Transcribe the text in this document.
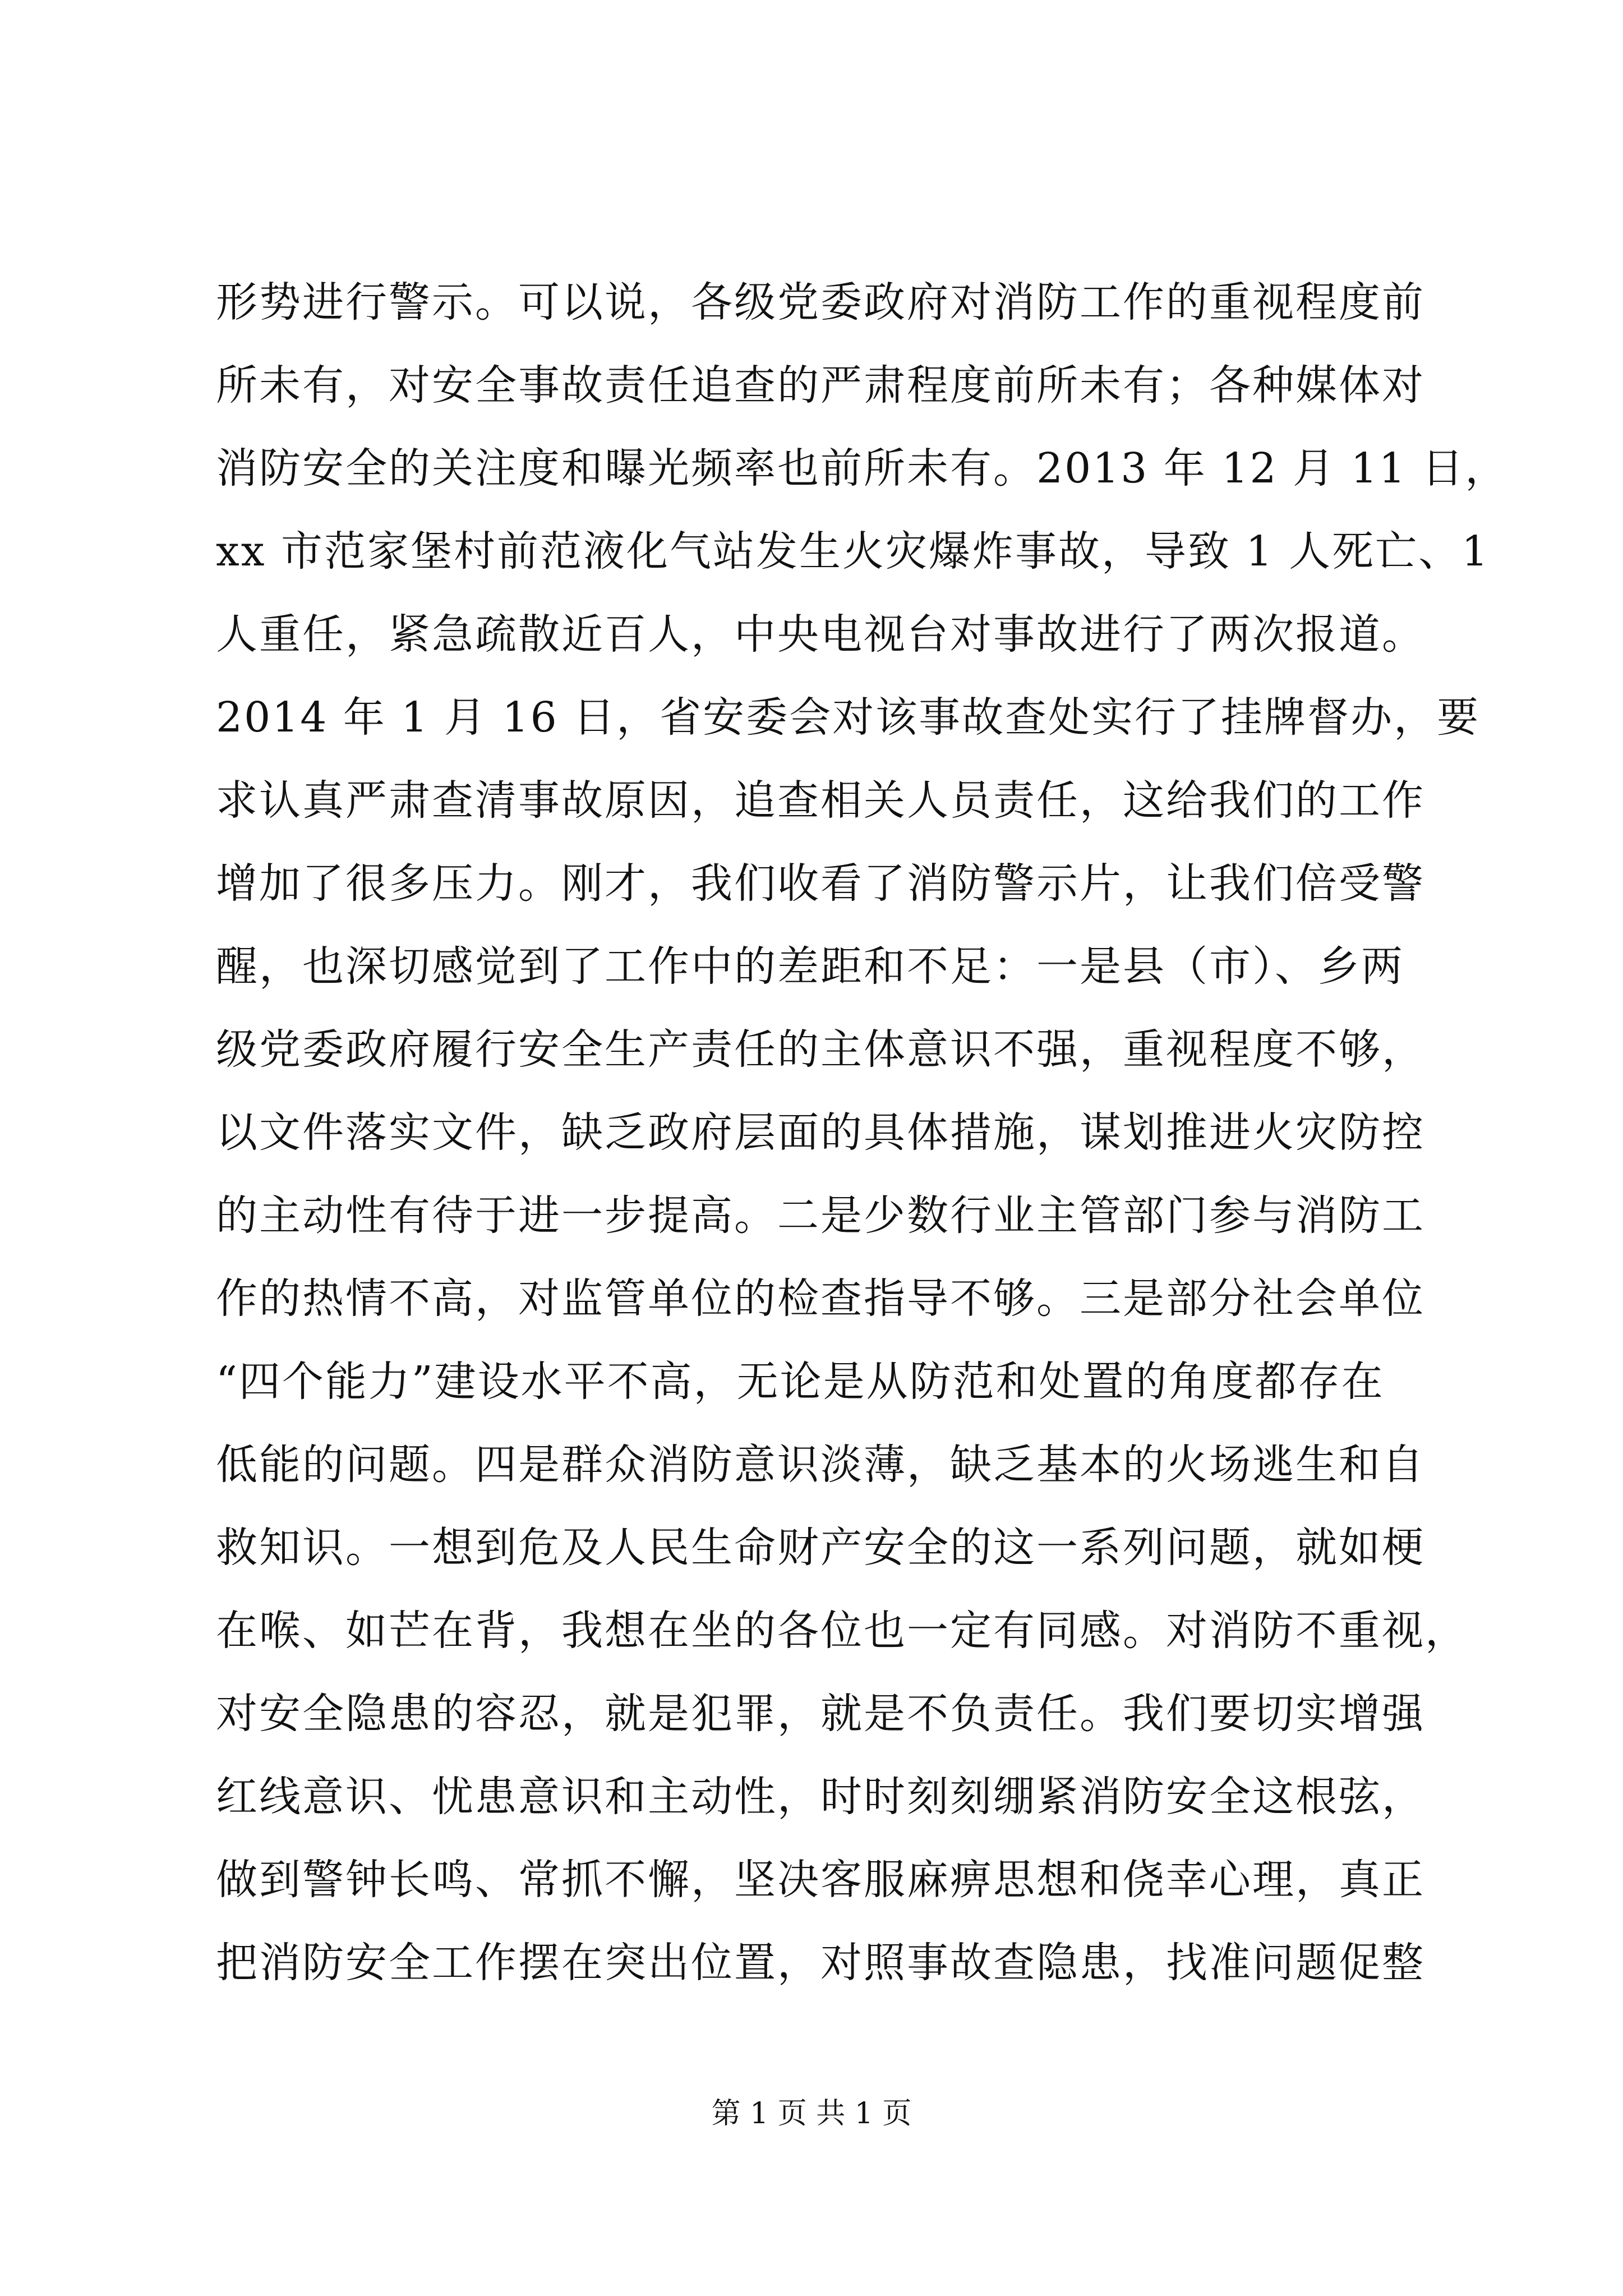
形势进行警示。可以说，各级党委政府对消防工作的重视程度前
所未有，对安全事故责任追查的严肃程度前所未有；各种媒体对
消防安全的关注度和曝光频率也前所未有。2013 年 12 月 11 日，
xx 市范家堡村前范液化气站发生火灾爆炸事故，导致 1 人死亡、1
人重任，紧急疏散近百人，中央电视台对事故进行了两次报道。
2014 年 1 月 16 日，省安委会对该事故查处实行了挂牌督办，要
求认真严肃查清事故原因，追查相关人员责任，这给我们的工作
增加了很多压力。刚才，我们收看了消防警示片，让我们倍受警
醒，也深切感觉到了工作中的差距和不足：一是县（市）、乡两
级党委政府履行安全生产责任的主体意识不强，重视程度不够，
以文件落实文件，缺乏政府层面的具体措施，谋划推进火灾防控
的主动性有待于进一步提高。二是少数行业主管部门参与消防工
作的热情不高，对监管单位的检查指导不够。三是部分社会单位
“四个能力”建设水平不高，无论是从防范和处置的角度都存在
低能的问题。四是群众消防意识淡薄，缺乏基本的火场逃生和自
救知识。一想到危及人民生命财产安全的这一系列问题，就如梗
在喉、如芒在背，我想在坐的各位也一定有同感。对消防不重视，
对安全隐患的容忍，就是犯罪，就是不负责任。我们要切实增强
红线意识、忧患意识和主动性，时时刻刻绷紧消防安全这根弦，
做到警钟长鸣、常抓不懈，坚决客服麻痹思想和侥幸心理，真正
把消防安全工作摆在突出位置，对照事故查隐患，找准问题促整
第 1 页 共 1 页
